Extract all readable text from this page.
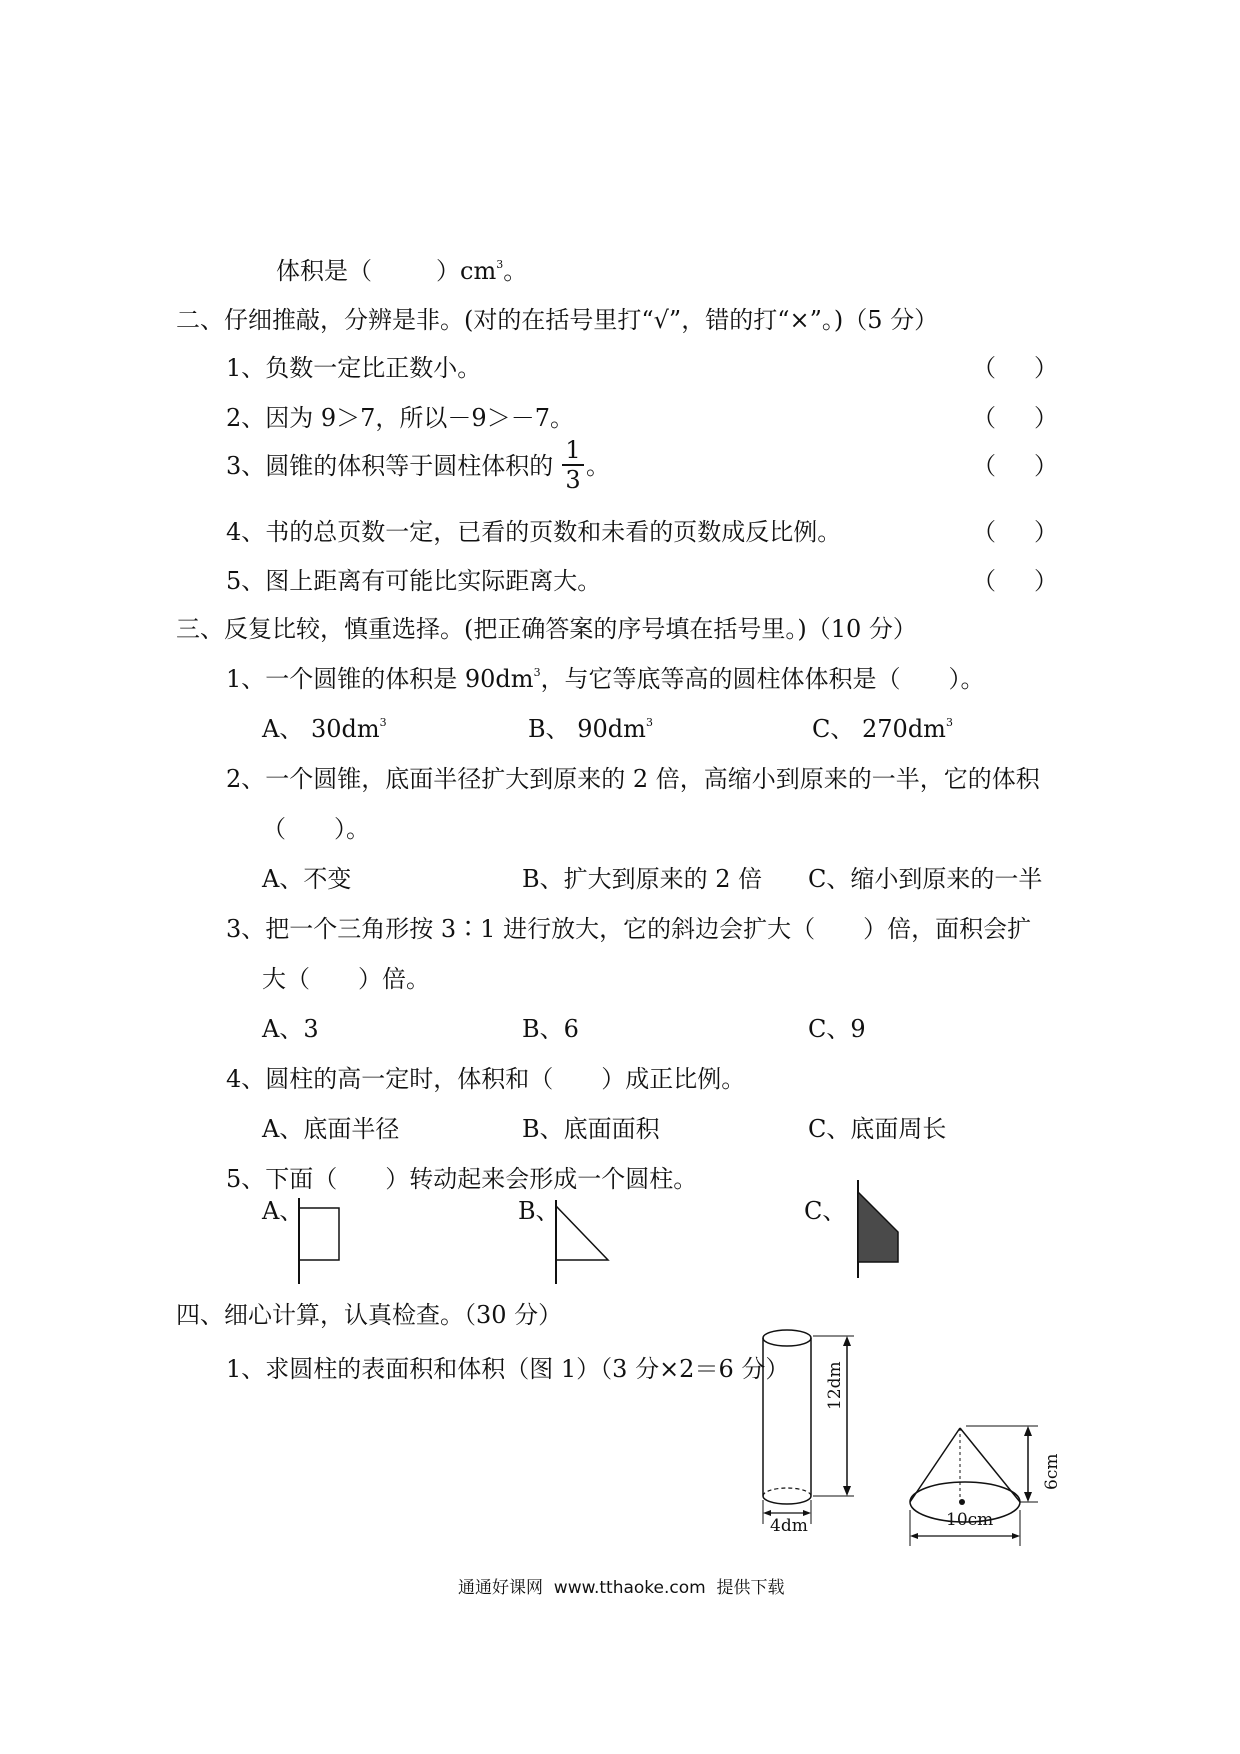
体积是（	）$cm^3$。
二、仔细推敲，分辨是非。(对的在括号里打“√”，错的打“×”。)（5 分）
1、负数一定比正数小。	（ ）
2、因为 9＞7，所以－9＞－7。	（ ）
3、圆锥的体积等于圆柱体积的
1
3 。	（ ）
4、书的总页数一定，已看的页数和未看的页数成反比例。	（ ）
5、图上距离有可能比实际距离大。	（ ）
三、反复比较，慎重选择。(把正确答案的序号填在括号里。)（10 分）
1、一个圆锥的体积是 $90dm^3$，与它等底等高的圆柱体体积是（　　）。
A、 $30dm^3$	B、 $90dm^3$	C、 $270dm^3$
2、一个圆锥，底面半径扩大到原来的 2 倍，高缩小到原来的一半，它的体积
（　　）。
A、不变	B、扩大到原来的 2 倍 C、缩小到原来的一半
3、把一个三角形按 3∶1 进行放大，它的斜边会扩大（　　）倍，面积会扩
大（　　）倍。
A、3	B、6	C、9
4、圆柱的高一定时，体积和（　　）成正比例。
A、底面半径	B、底面面积	C、底面周长
5、下面（　　）转动起来会形成一个圆柱。
A、	B、	C、
四、细心计算，认真检查。（30 分）
1、求圆柱的表面积和体积（图 1）（3 分×2＝6 分） 12dm
4dm
6cm
10cm
通通好课网  www.tthaoke.com  提供下载
